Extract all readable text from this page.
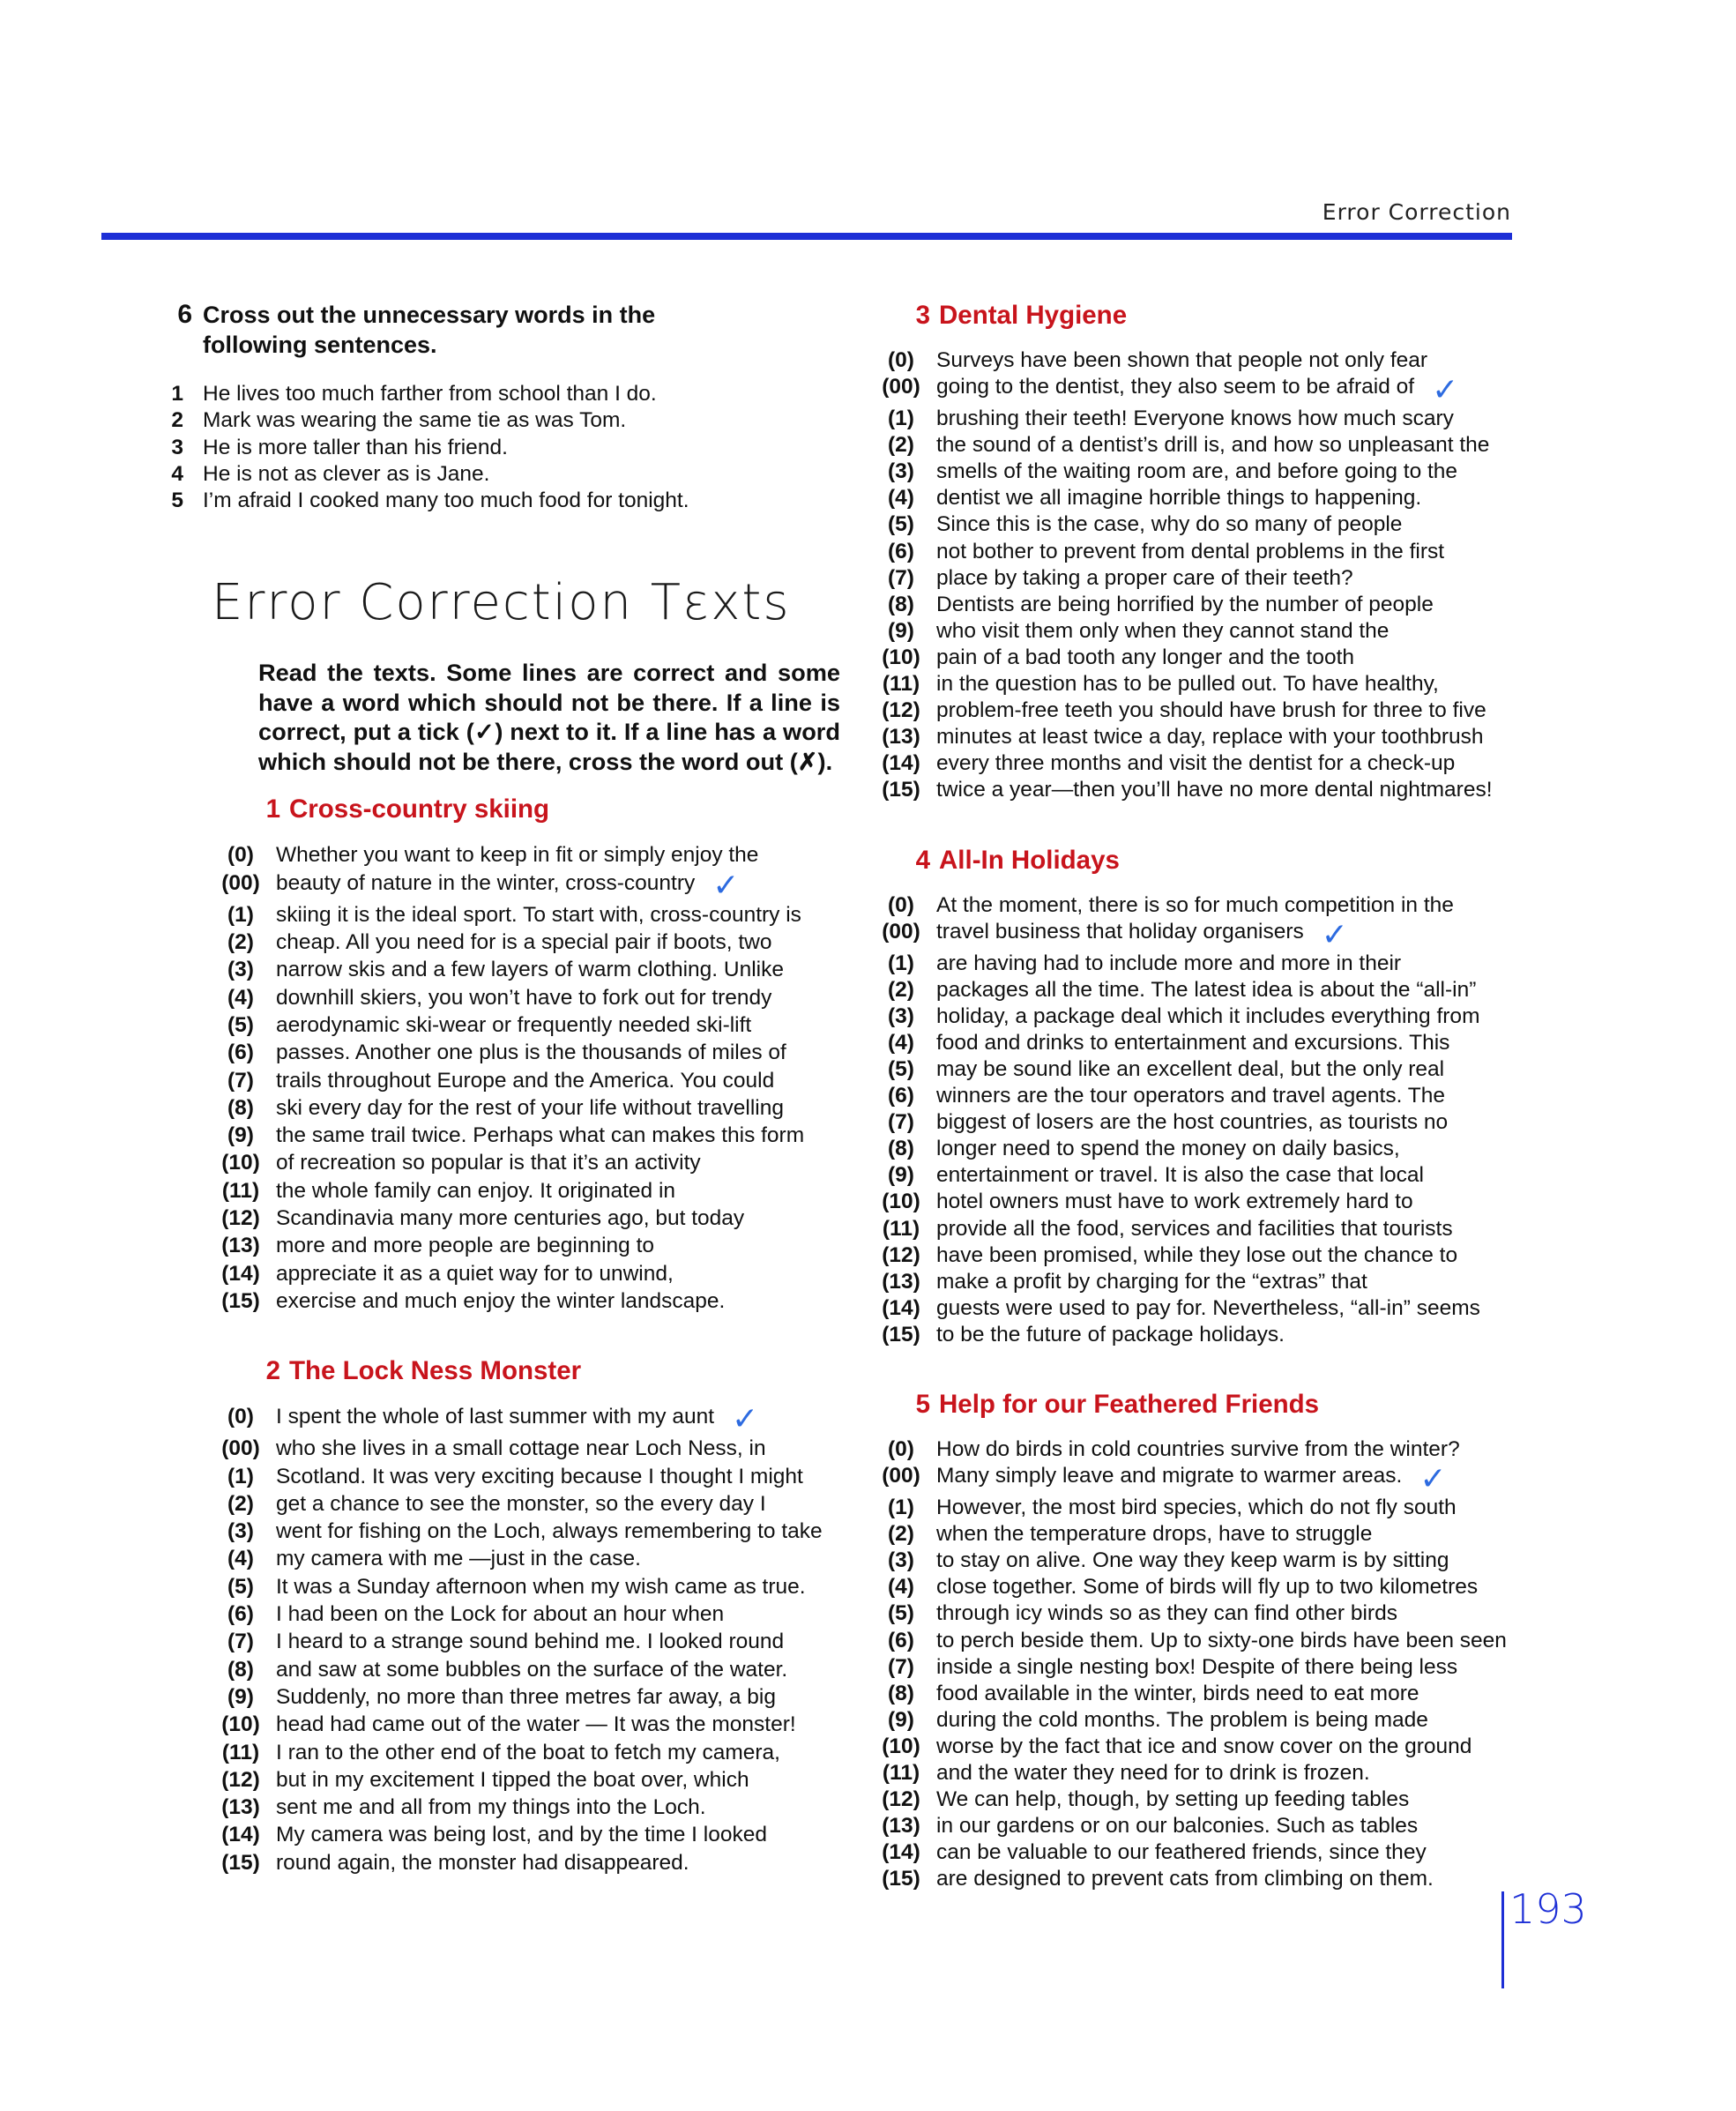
Error Correction
6 Cross out the unnecessary words in the following sentences.
1 He lives too much farther from school than I do.
2 Mark was wearing the same tie as was Tom.
3 He is more taller than his friend.
4 He is not as clever as is Jane.
5 I’m afraid I cooked many too much food for tonight.
Error Correction Tεxts
Read the texts. Some lines are correct and some have a word which should not be there. If a line is correct, put a tick (✓) next to it. If a line has a word which should not be there, cross the word out (✗).
1 Cross-country skiing
(0)	Whether you want to keep in fit or simply enjoy the
(00) beauty of nature in the winter, cross-country ✓
(1)	skiing it is the ideal sport. To start with, cross-country is
(2)	cheap. All you need for is a special pair if boots, two
(3)	narrow skis and a few layers of warm clothing. Unlike
(4)	downhill skiers, you won’t have to fork out for trendy
(5)	aerodynamic ski-wear or frequently needed ski-lift
(6)	passes. Another one plus is the thousands of miles of
(7)	trails throughout Europe and the America. You could
(8)	ski every day for the rest of your life without travelling
(9)	the same trail twice. Perhaps what can makes this form
(10) of recreation so popular is that it’s an activity
(11) the whole family can enjoy. It originated in
(12) Scandinavia many more centuries ago, but today
(13) more and more people are beginning to
(14) appreciate it as a quiet way for to unwind,
(15) exercise and much enjoy the winter landscape.
2 The Lock Ness Monster
(0)	I spent the whole of last summer with my aunt ✓
(00) who she lives in a small cottage near Loch Ness, in
(1)	Scotland. It was very exciting because I thought I might
(2)	get a chance to see the monster, so the every day I
(3)	went for fishing on the Loch, always remembering to take
(4)	my camera with me —just in the case.
(5)	It was a Sunday afternoon when my wish came as true.
(6)	I had been on the Lock for about an hour when
(7)	I heard to a strange sound behind me. I looked round
(8)	and saw at some bubbles on the surface of the water.
(9)	Suddenly, no more than three metres far away, a big
(10) head had came out of the water — It was the monster!
(11) I ran to the other end of the boat to fetch my camera,
(12) but in my excitement I tipped the boat over, which
(13) sent me and all from my things into the Loch.
(14) My camera was being lost, and by the time I looked
(15) round again, the monster had disappeared.
3 Dental Hygiene
(0)	Surveys have been shown that people not only fear
(00) going to the dentist, they also seem to be afraid of ✓
(1)	brushing their teeth! Everyone knows how much scary
(2)	the sound of a dentist’s drill is, and how so unpleasant the
(3)	smells of the waiting room are, and before going to the
(4)	dentist we all imagine horrible things to happening.
(5)	Since this is the case, why do so many of people
(6)	not bother to prevent from dental problems in the first
(7)	place by taking a proper care of their teeth?
(8)	Dentists are being horrified by the number of people
(9)	who visit them only when they cannot stand the
(10) pain of a bad tooth any longer and the tooth
(11) in the question has to be pulled out. To have healthy,
(12) problem-free teeth you should have brush for three to five
(13) minutes at least twice a day, replace with your toothbrush
(14) every three months and visit the dentist for a check-up
(15) twice a year—then you’ll have no more dental nightmares!
4 All-In Holidays
(0)	At the moment, there is so for much competition in the
(00) travel business that holiday organisers ✓
(1)	are having had to include more and more in their
(2)	packages all the time. The latest idea is about the “all-in”
(3)	holiday, a package deal which it includes everything from
(4)	food and drinks to entertainment and excursions. This
(5)	may be sound like an excellent deal, but the only real
(6)	winners are the tour operators and travel agents. The
(7)	biggest of losers are the host countries, as tourists no
(8)	longer need to spend the money on daily basics,
(9)	entertainment or travel. It is also the case that local
(10) hotel owners must have to work extremely hard to
(11) provide all the food, services and facilities that tourists
(12) have been promised, while they lose out the chance to
(13) make a profit by charging for the “extras” that
(14) guests were used to pay for. Nevertheless, “all-in” seems
(15) to be the future of package holidays.
5 Help for our Feathered Friends
(0)	How do birds in cold countries survive from the winter?
(00) Many simply leave and migrate to warmer areas. ✓
(1)	However, the most bird species, which do not fly south
(2)	when the temperature drops, have to struggle
(3)	to stay on alive. One way they keep warm is by sitting
(4)	close together. Some of birds will fly up to two kilometres
(5)	through icy winds so as they can find other birds
(6)	to perch beside them. Up to sixty-one birds have been seen
(7)	inside a single nesting box! Despite of there being less
(8)	food available in the winter, birds need to eat more
(9)	during the cold months. The problem is being made
(10) worse by the fact that ice and snow cover on the ground
(11) and the water they need for to drink is frozen.
(12) We can help, though, by setting up feeding tables
(13) in our gardens or on our balconies. Such as tables
(14) can be valuable to our feathered friends, since they
(15) are designed to prevent cats from climbing on them.
193
